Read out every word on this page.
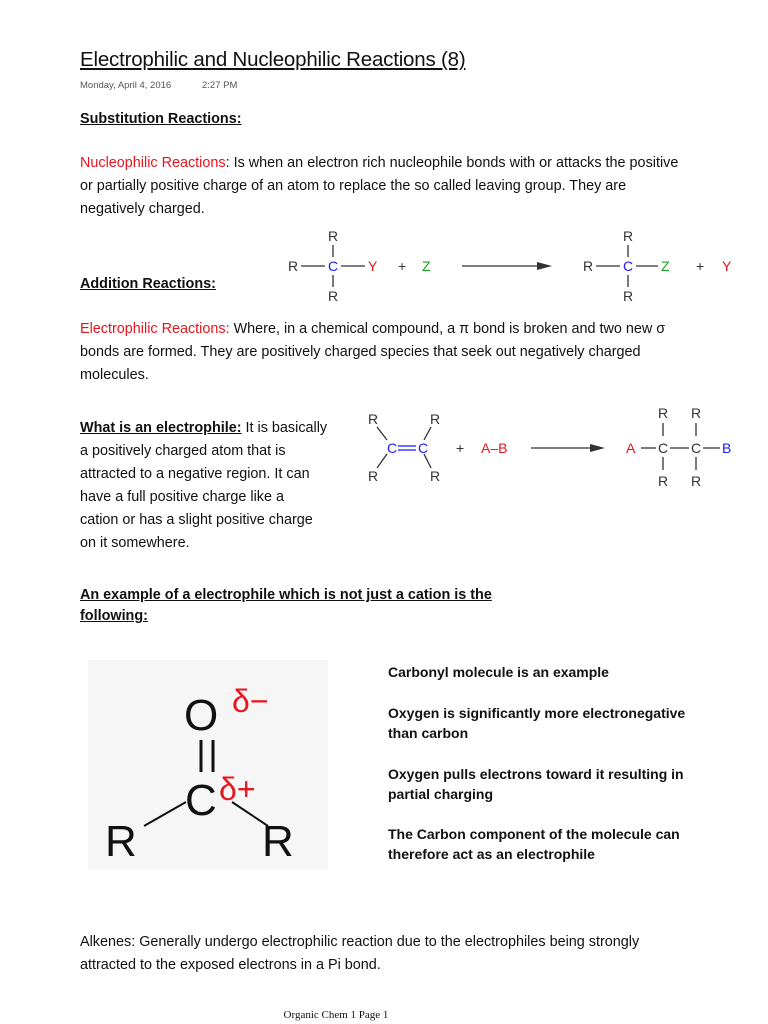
Electrophilic and Nucleophilic Reactions (8)
Monday, April 4, 2016	2:27 PM
Substitution Reactions:
Nucleophilic Reactions: Is when an electron rich nucleophile bonds with or attacks the positive
or partially positive charge of an atom to replace the so called leaving group. They are
negatively charged.
R
R
R
C Y + Z
R
R
R
C Z + Y
Addition Reactions:
Electrophilic Reactions: Where, in a chemical compound, a π bond is broken and two new σ
bonds are formed. They are positively charged species that seek out negatively charged
molecules.
What is an electrophile: It is basically
a positively charged atom that is
attracted to a negative region. It can
have a full positive charge like a
cation or has a slight positive charge
on it somewhere.
R	R
R	R
C C + A–B
R R
A C C B
R R
An example of a electrophile which is not just a cation is the
following:
O δ−
C δ+
R	R
Carbonyl molecule is an example
Oxygen is significantly more electronegative
than carbon
Oxygen pulls electrons toward it resulting in
partial charging
The Carbon component of the molecule can
therefore act as an electrophile
Alkenes: Generally undergo electrophilic reaction due to the electrophiles being strongly
attracted to the exposed electrons in a Pi bond.
Organic Chem 1 Page 1
